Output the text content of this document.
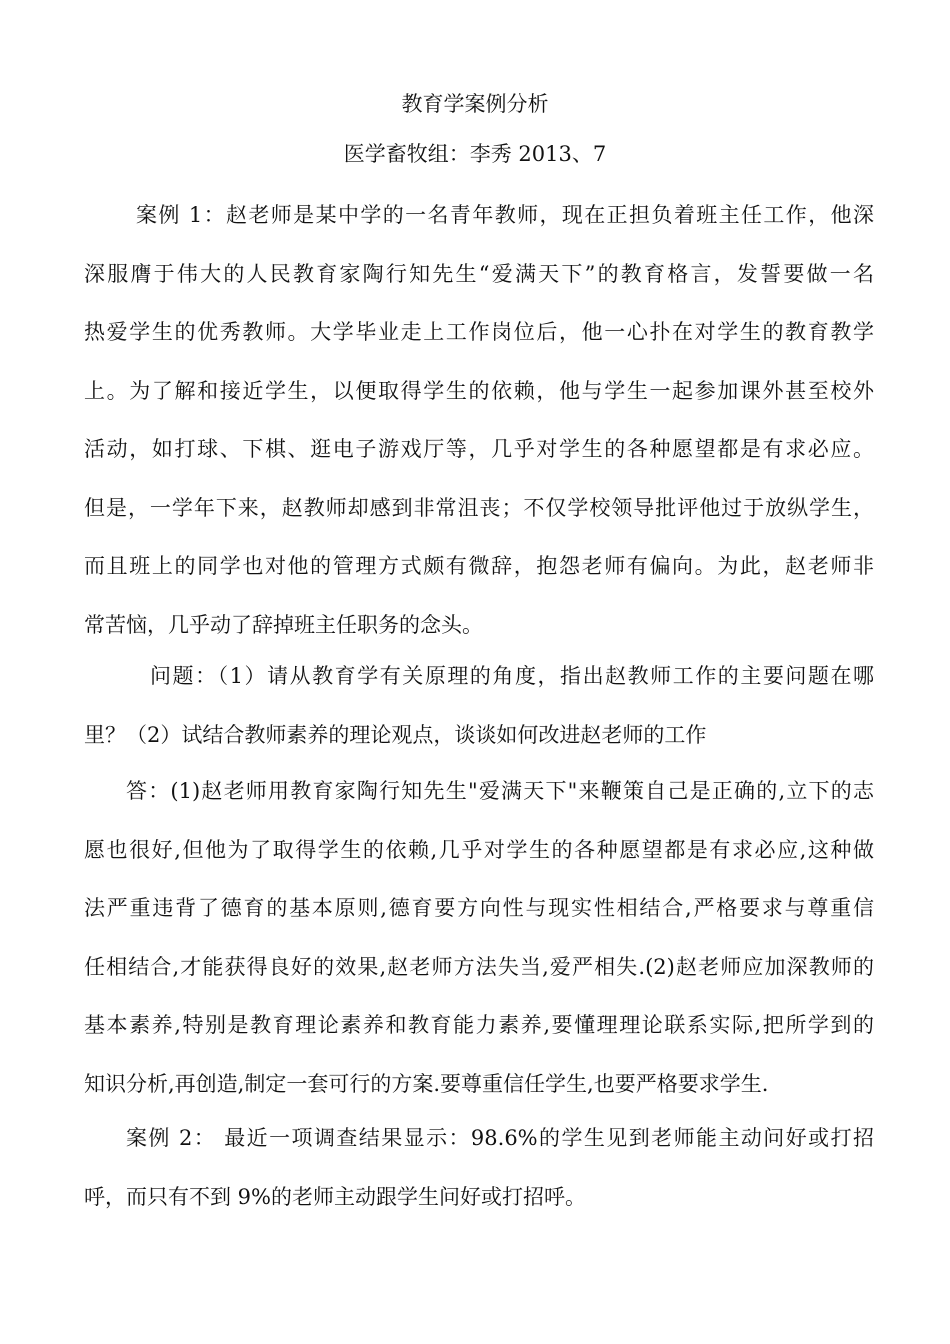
教育学案例分析
医学畜牧组：李秀 2013、7
案例 1：赵老师是某中学的一名青年教师，现在正担负着班主任工作，他深
深服膺于伟大的人民教育家陶行知先生“爱满天下”的教育格言，发誓要做一名
热爱学生的优秀教师。大学毕业走上工作岗位后，他一心扑在对学生的教育教学
上。为了解和接近学生，以便取得学生的依赖，他与学生一起参加课外甚至校外
活动，如打球、下棋、逛电子游戏厅等，几乎对学生的各种愿望都是有求必应。
但是，一学年下来，赵教师却感到非常沮丧；不仅学校领导批评他过于放纵学生，
而且班上的同学也对他的管理方式颇有微辞，抱怨老师有偏向。为此，赵老师非
常苦恼，几乎动了辞掉班主任职务的念头。
问题：（1）请从教育学有关原理的角度，指出赵教师工作的主要问题在哪
里？（2）试结合教师素养的理论观点，谈谈如何改进赵老师的工作
答：(1)赵老师用教育家陶行知先生"爱满天下"来鞭策自己是正确的,立下的志
愿也很好,但他为了取得学生的依赖,几乎对学生的各种愿望都是有求必应,这种做
法严重违背了德育的基本原则,德育要方向性与现实性相结合,严格要求与尊重信
任相结合,才能获得良好的效果,赵老师方法失当,爱严相失.(2)赵老师应加深教师的
基本素养,特别是教育理论素养和教育能力素养,要懂理理论联系实际,把所学到的
知识分析,再创造,制定一套可行的方案.要尊重信任学生,也要严格要求学生.
案例 2： 最近一项调查结果显示：98.6%的学生见到老师能主动问好或打招
呼，而只有不到 9%的老师主动跟学生问好或打招呼。
